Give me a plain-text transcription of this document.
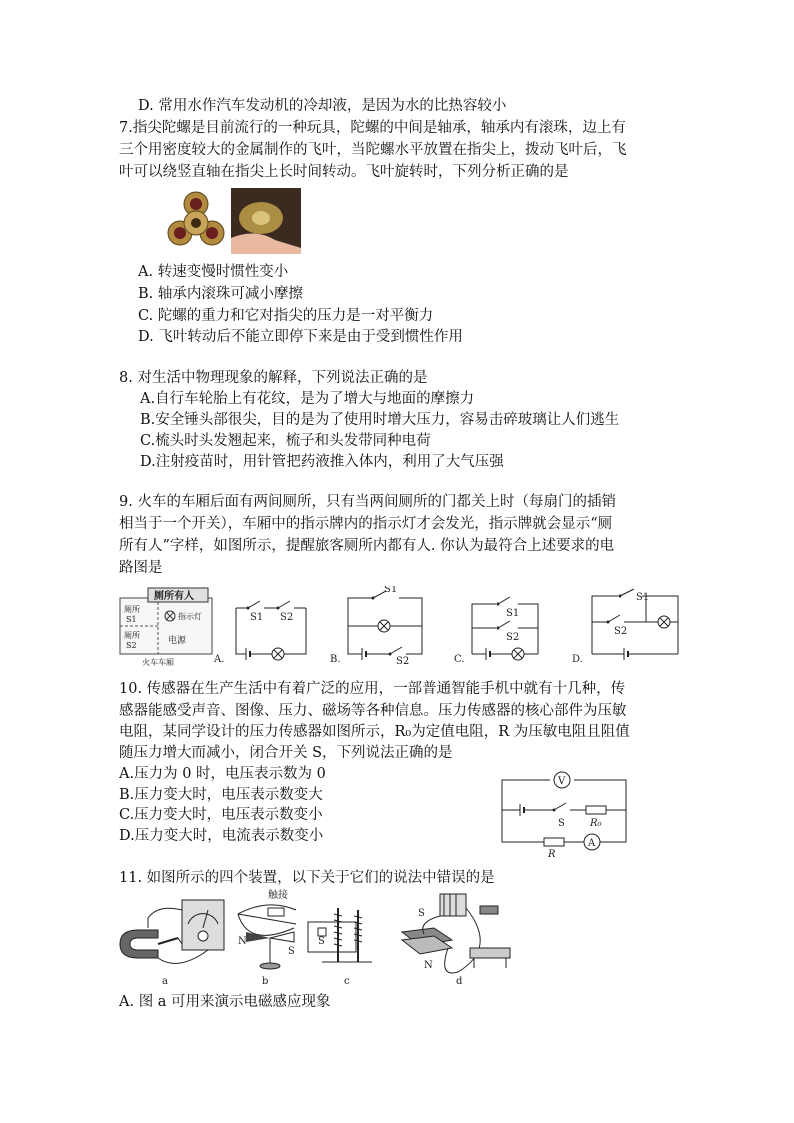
D. 常用水作汽车发动机的冷却液，是因为水的比热容较小
7.指尖陀螺是目前流行的一种玩具，陀螺的中间是轴承，轴承内有滚珠，边上有
三个用密度较大的金属制作的飞叶，当陀螺水平放置在指尖上，拨动飞叶后，飞
叶可以绕竖直轴在指尖上长时间转动。飞叶旋转时，下列分析正确的是
A. 转速变慢时惯性变小
B. 轴承内滚珠可减小摩擦
C. 陀螺的重力和它对指尖的压力是一对平衡力
D. 飞叶转动后不能立即停下来是由于受到惯性作用
8. 对生活中物理现象的解释，下列说法正确的是
A.自行车轮胎上有花纹，是为了增大与地面的摩擦力
B.安全锤头部很尖，目的是为了使用时增大压力，容易击碎玻璃让人们逃生
C.梳头时头发翘起来，梳子和头发带同种电荷
D.注射疫苗时，用针管把药液推入体内，利用了大气压强
9. 火车的车厢后面有两间厕所，只有当两间厕所的门都关上时（每扇门的插销
相当于一个开关），车厢中的指示牌内的指示灯才会发光，指示牌就会显示“厕
所有人”字样，如图所示，提醒旅客厕所内都有人. 你认为最符合上述要求的电
路图是
厕所有人
厕所
S1
厕所
S2
指示灯
电源
火车车厢	A.
S1 S2
B.
S1
S2	C.
S1
S2
D.
S1
S2
10. 传感器在生产生活中有着广泛的应用，一部普通智能手机中就有十几种，传
感器能感受声音、图像、压力、磁场等各种信息。压力传感器的核心部件为压敏
电阻，某同学设计的压力传感器如图所示，R₀为定值电阻，R 为压敏电阻且阻值
随压力增大而减小，闭合开关 S，下列说法正确的是
A.压力为 0 时，电压表示数为 0
B.压力变大时，电压表示数变大
C.压力变大时，电压表示数变小
D.压力变大时，电流表示数变小
V
S	R₀
A
R
11. 如图所示的四个装置，以下关于它们的说法中错误的是
a
触接
N
S
b
S
c
S
N
d
A. 图 a 可用来演示电磁感应现象
